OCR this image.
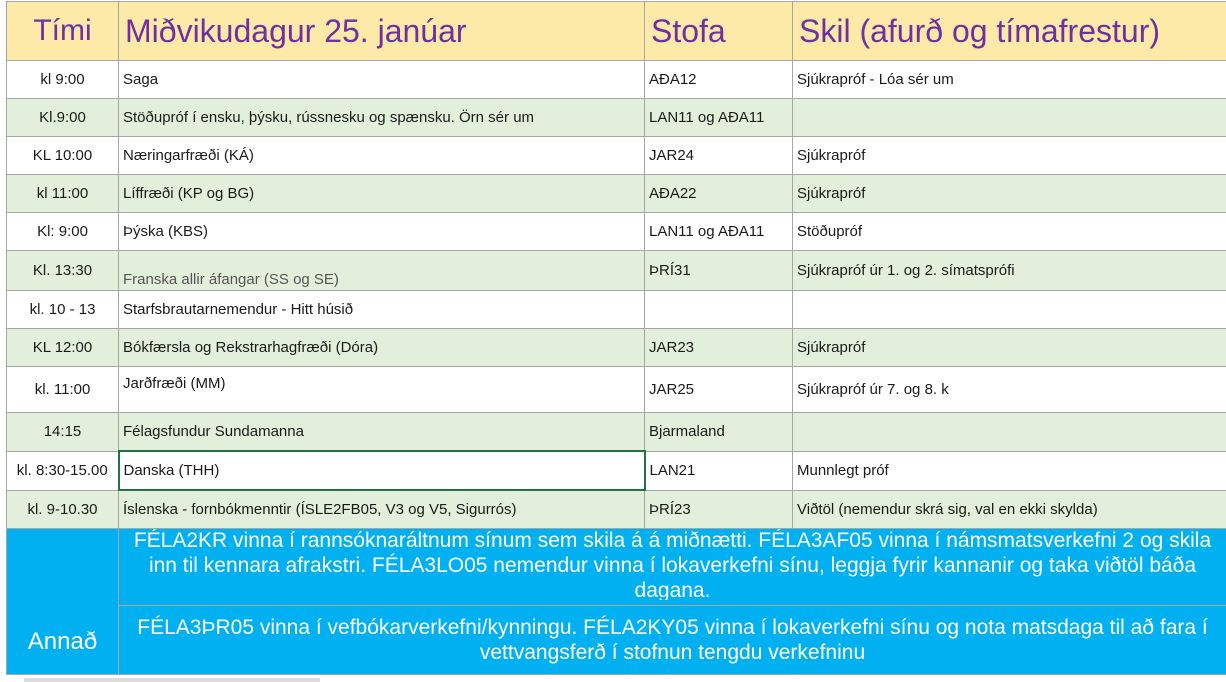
Tími	Miðvikudagur 25. janúar	Stofa	Skil (afurð og tímafrestur)
kl 9:00	Saga	AÐA12	Sjúkrapróf - Lóa sér um
Kl.9:00	Stöðupróf í ensku, þýsku, rússnesku og spænsku. Örn sér um	LAN11 og AÐA11	
KL 10:00	Næringarfræði (KÁ)	JAR24	Sjúkrapróf
kl 11:00	Líffræði (KP og BG)	AÐA22	Sjúkrapróf
Kl: 9:00	Þýska (KBS)	LAN11 og AÐA11	Stöðupróf
Kl. 13:30	Franska allir áfangar (SS og SE)	ÞRÍ31	Sjúkrapróf úr 1. og 2. símatsprófi
kl. 10 - 13	Starfsbrautarnemendur - Hitt húsið		
KL 12:00	Bókfærsla og Rekstrarhagfræði (Dóra)	JAR23	Sjúkrapróf
kl. 11:00	Jarðfræði (MM)	JAR25	Sjúkrapróf úr 7. og 8. k
14:15	Félagsfundur Sundamanna	Bjarmaland	
kl. 8:30-15.00	Danska (THH)	LAN21	Munnlegt próf
kl. 9-10.30	Íslenska - fornbókmenntir (ÍSLE2FB05, V3 og V5, Sigurrós)	ÞRÍ23	Viðtöl (nemendur skrá sig, val en ekki skylda)
Annað	FÉLA2KR vinna í rannsóknaráltnum sínum sem skila á á miðnætti. FÉLA3AF05 vinna í námsmatsverkefni 2 og skila inn til kennara afrakstri. FÉLA3LO05 nemendur vinna í lokaverkefni sínu, leggja fyrir kannanir og taka viðtöl báða dagana.		

	FÉLA3ÞR05 vinna í vefbókarverkefni/kynningu. FÉLA2KY05 vinna í lokaverkefni sínu og nota matsdaga til að fara í vettvangsferð í stofnun tengdu verkefninu		
